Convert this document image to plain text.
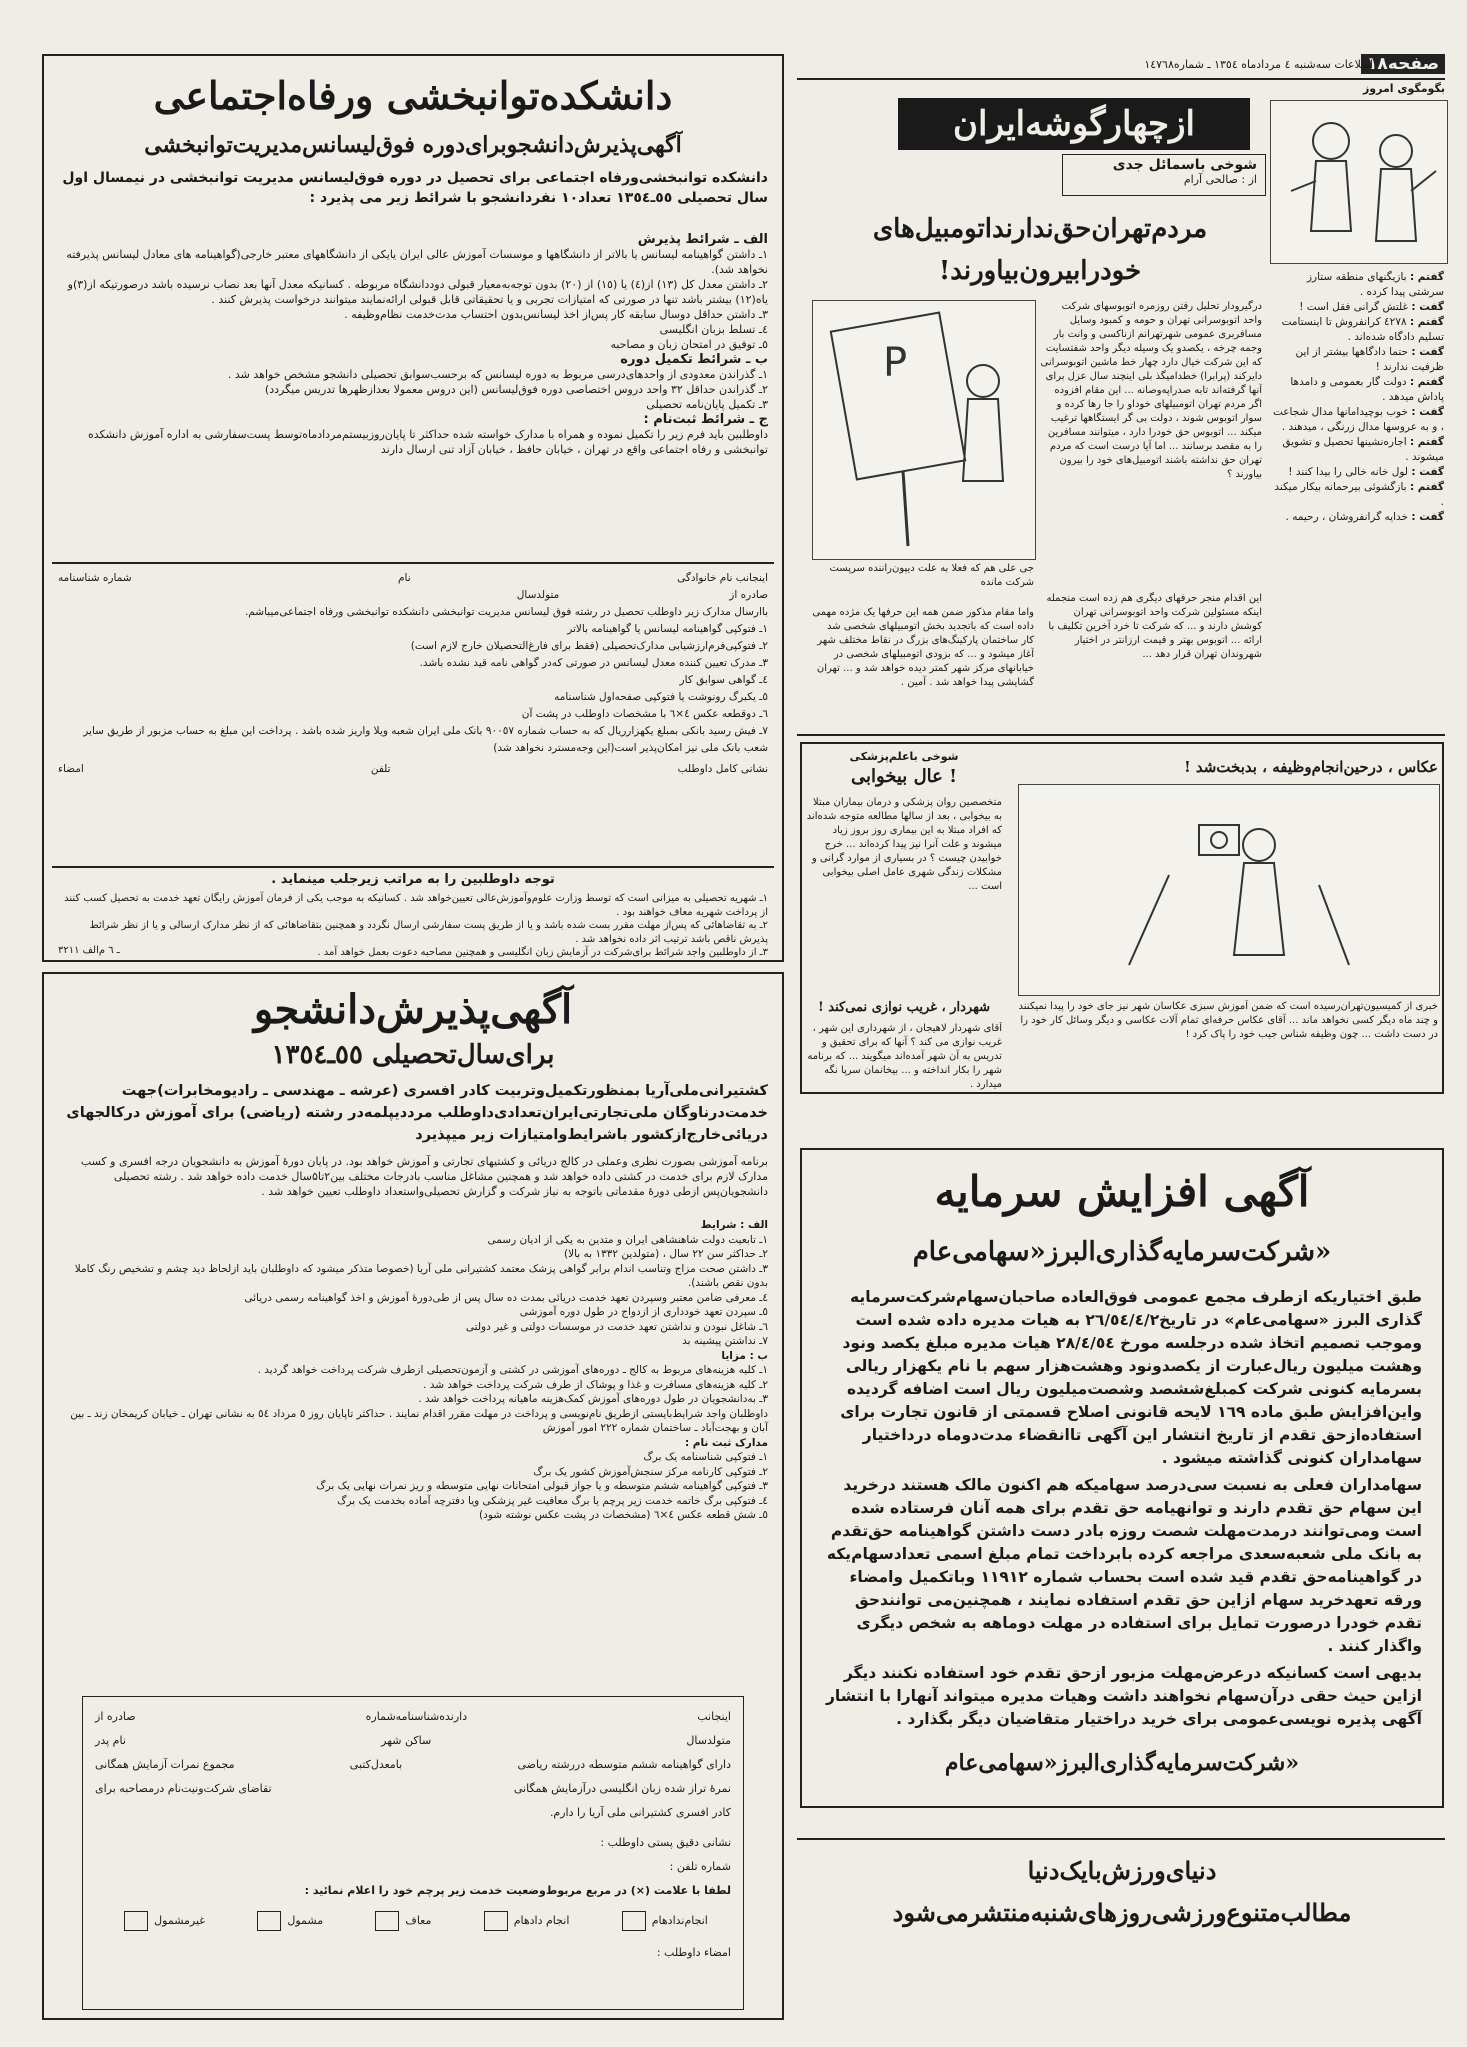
صفحه۱۸
اطلاعات سه‌شنبه ٤ مردادماه ۱۳٥٤ ـ شماره۱٤۷٦۸
بگومگوی امروز
گفتم : بازیگنهای منطقه ستارز سرشتی پیدا کرده .
گفت : غلتش گرانی فقل است !
گفتم : ٤٢٧٨ کرانفروش تا اینستامت تسلیم دادگاه شده‌اند .
گفت : حتما دادگاهها بیشتر از این ظرفیت ندارند !
گفتم : دولت گار بعمومی و دامدها پاداش میدهد .
گفت : خوب بوچیدامانها مدال شجاعت ، و به عروسها مدال زرنگی ، میدهند .
گفتم : اجاره‌نشینها تحصیل و تشویق میشوند .
گفت : لول خانه خالی را بیدا کنند !
گفتم : بازگشوئی بیرحمانه بیکار میکند .
گفت : خدایه گرانفروشان ، رحیمه .
ازچهارگوشه‌ایران
شوخی باسمائل جدی
از : صالحی آرام
مردم‌تهران‌حق‌ندارندا‌تومبیل‌های خودرا‌بیرون‌بیاورند!
P
جی علی هم که فعلا به علت دیپون‌راننده سرپست شرکت مانده
درگیرودار تحلیل رفتن روزمره اتوبوسهای شرکت واحد اتوبوسرانی تهران و حومه و کمبود وسایل مسافربری عمومی شهرتهرانم ازناکسی و وانت بار وجمه چرخه ، یکصدو یک وسیله دیگر واحد شفتسایت که این شرکت خیال دارد چهار خط ماشین اتوبوسرانی دایرکند (پرابرا) خطدامیگذ بلی اینچند سال عزل برای آنها گرفته‌اند تابه صدراپه‌وصانه ... این مقام افزوده اگر مردم تهران اتومبیلهای خوداو را جا رها کرده و سوار اتوبوس شوند ، دولت بی گر ایستگاهها ترغیب میکند ... اتوبوس حق خودرا دارد ، میتوانند مسافرین را به مقصد برسانند ... اما آیا درست است که مردم تهران حق نداشته باشند اتومبیل‌های خود را بیرون بیاورند ؟
این اقدام منجر حرفهای دیگری هم زده است منجمله اینکه مسئولین شرکت واحد اتوبوسرانی تهران کوشش دارند و ... که شرکت تا خرد آخرین تکلیف با ارائه ... اتوبوس بهتر و قیمت ارزانتر در اختیار شهروندان تهران قرار دهد ...
واما مقام مذکور ضمن همه این حرفها یک مژده مهمی داده است که باتجدید بخش اتومبیلهای شخصی شد کار ساختمان پارکینگ‌های بزرگ در نقاط مختلف شهر آغاز میشود و ... که بزودی اتومبیلهای شخصی در خیابانهای مرکز شهر کمتر دیده خواهد شد و ... تهران گشایشی پیدا خواهد شد . آمین .
شوخی باعلم‌پزشکی
عال بیخوابی !
متخصصین روان پزشکی و درمان بیماران مبتلا به بیخوابی ، بعد از سالها مطالعه متوجه شده‌اند که افراد مبتلا به این بیماری روز بروز زیاد میشوند و علت آنرا نیز پیدا کرده‌اند ... خرج خوابیدن چیست ؟ در بسیاری از موارد گرانی و مشکلات زندگی شهری عامل اصلی بیخوابی است ...
شهردار ، غریب نوازی نمی‌کند !
آقای شهردار لاهیجان ، از شهرداری این شهر ، غریب نوازی می کند ؟ آنها که برای تحقیق و تدریس به آن شهر آمده‌اند میگویند ... که برنامه شهر را بکار انداخته و ... بیخانمان سرپا نگه میدارد .
عکاس ، درحین‌انجام‌وظیفه ، بدبخت‌شد !
خبری از کمیسیون‌تهران‌رسیده است که ضمن آموزش سبزی عکاسان شهر نیز جای خود را پیدا نمیکنند و چند ماه دیگر کسی نخواهد ماند ... آقای عکاس حرفه‌ای تمام آلات عکاسی و دیگر وسائل کار خود را در دست داشت ... چون وظیفه شناس جیب خود را پاک کرد !
آگهی افزایش سرمایه
شرکت‌سرمایه‌گذاری‌البرز«سهامی‌عام»

طبق اختیاریکه ازطرف مجمع عمومی فوق‌العاده صاحبان‌سهام‌شرکت‌سرمایه گذاری البرز «سهامی‌عام» در تاریخ۲٦/٥٤/٤/۲ به هیات مدیره داده شده است وموجب تصمیم اتخاذ شده درجلسه مورخ ۲۸/٤/٥٤ هیات مدیره مبلغ یکصد ونود وهشت میلیون ریال‌عبارت از یکصدونود وهشت‌هزار سهم با نام یکهزار ریالی بسرمایه کنونی شرکت کمبلغ‌ششصد وشصت‌میلیون ریال است اضافه گردیده واین‌افزایش طبق ماده ۱٦۹ لایحه قانونی اصلاح قسمتی از قانون تجارت برای استفاده‌ازحق تقدم از تاریخ انتشار این آگهی تاانقضاء مدت‌دوماه درداختیار سهامداران کنونی گذاشته میشود .

سهامداران فعلی به نسبت سی‌درصد سهامیکه هم اکنون مالک هستند درخرید این سهام حق تقدم دارند و توانهیامه حق تقدم برای همه آنان فرستاده شده است ومی‌توانند درمدت‌مهلت شصت روزه بادر دست داشتن گواهینامه حق‌تقدم به بانک ملی شعبه‌سعدی مراجعه کرده بابرداخت تمام مبلغ اسمی تعدادسهام‌یکه در گواهینامه‌حق تقدم قید شده است بحساب شماره ۱۱۹۱۲ وباتکمیل وامضاء ورقه تعهدخرید سهام ازاین حق تقدم استفاده نمایند ، همچنین‌می توانندحق تقدم خودرا درصورت تمایل برای استفاده در مهلت دوماهه به شخص دیگری واگذار کنند .

بدیهی است کسانیکه درعرض‌مهلت مزبور ازحق تقدم خود استفاده نکنند دیگر ازاین حیث حقی درآن‌سهام نخواهند داشت وهیات مدیره میتواند آنهارا با انتشار آگهی پذیره نویسی‌عمومی برای خرید دراختیار متقاضیان دیگر بگذارد .

شرکت‌سرمایه‌گذاری‌البرز«سهامی‌عام»
دنیای‌ورزش‌بایک‌دنیا
مطالب‌متنوع‌ورزشی‌روزهای‌شنبه‌منتشرمی‌شود
دانشکده‌توانبخشی ورفاه‌اجتماعی
آگهی‌پذیرش‌دانشجوبرای‌دوره فوق‌لیسانس‌مدیریت‌توانبخشی
دانشکده توانبخشی‌ورفاه اجتماعی برای تحصیل در دوره فوق‌لیسانس مدیریت توانبخشی در نیمسال اول سال تحصیلی ٥٥ـ۱۳٥٤ تعداد۱۰ نفردانشجو با شرائط زیر می پذیرد :
الف ـ شرائط پذیرش
۱ـ داشتن گواهینامه لیسانس یا بالاتر از دانشگاهها و موسسات آموزش عالی ایران یایکی از دانشگاههای معتبر خارجی(گواهینامه های معادل لیسانس پذیرفته نخواهد شد).
۲ـ داشتن معدل کل (۱۳) از(٤) یا (۱٥) از (۲۰) بدون توجه‌به‌معیار قبولی دوددانشگاه مربوطه . کسانیکه معدل آنها بعد نصاب نرسیده باشد درصورتیکه از(۳)و یاه(۱۲) بیشتر باشد تنها در صورتی که امتیازات تجربی و یا تحقیقاتی قابل قبولی ارائه‌نمایند میتوانند درخواست پذیرش کنند .
۳ـ داشتن حداقل دوسال سابقه کار پس‌از اخذ لیسانس‌بدون احتساب مدت‌خدمت نظام‌وظیفه .
٤ـ تسلط بزبان انگلیسی
٥ـ توفیق در امتحان زبان و مصاحبه
ب ـ شرائط تکمیل دوره
۱ـ گذراندن معدودی از واحدهای‌درسی مربوط به دوره لیسانس که برحسب‌سوابق تحصیلی دانشجو مشخص خواهد شد .
۲ـ گذراندن حداقل ۳۲ واحد دروس اختصاصی دوره فوق‌لیسانس (این دروس معمولا بعدازظهرها تدریس میگردد)
۳ـ تکمیل پایان‌نامه تحصیلی
ج ـ شرائط ثبت‌نام :
داوطلبین باید فرم زیر را تکمیل نموده و همراه با مدارک خواسته شده حداکثر تا پایان‌روزبیستم‌مردادماه‌توسط پست‌سفارشی به اداره آموزش دانشکده توانبخشی و رفاه اجتماعی واقع در تهران ، خیابان حافظ ، خیابان آزاد تنی ارسال دارند
اینجانب نام خانوادگی
نام
شماره شناسنامه
صادره از
متولدسال
باارسال مدارک زیر داوطلب تحصیل در رشته فوق لیسانس مدیریت توانبخشی دانشکده توانبخشی ورفاه اجتماعی‌میباشم.
۱ـ فتوکپی گواهینامه لیسانس یا گواهینامه بالاتر
۲ـ فتوکپی‌فرم‌ارزشیابی مدارک‌تحصیلی (فقط برای فارغ‌التحصیلان خارج لازم است)
۳ـ مدرک تعیین کننده معدل لیسانس در صورتی که‌در گواهی نامه قید نشده باشد.
٤ـ گواهی سوابق کار
٥ـ یکبرگ رونوشت یا فتوکپی صفحه‌اول شناسنامه
٦ـ دوقطعه عکس ٤×٦ با مشخصات داوطلب در پشت آن
۷ـ فیش رسید بانکی بمبلغ یکهزارریال که به حساب شماره ۹۰۰٥۷ بانک ملی ایران شعبه ویلا واریز شده باشد . پرداخت این مبلغ به حساب مزبور از طریق سایر شعب بانک ملی نیز امکان‌پذیر است(این وجه‌مسترد نخواهد شد)
نشانی کامل داوطلب
تلفن
امضاء
توجه داوطلبین را به مراتب زیرجلب مینماید .
۱ـ شهریه تحصیلی به میزانی است که توسط وزارت علوم‌وآموزش‌عالی تعیین‌خواهد شد . کسانیکه به موجب یکی از فرمان آموزش رایگان تعهد خدمت به تحصیل کسب کنند از پرداخت شهریه معاف خواهند بود .
۲ـ به تقاضاهائی که پس‌از مهلت مقرر بست شده باشد و یا از طریق پست سفارشی ارسال نگردد و همچنین بتقاضاهائی که از نظر مدارک ارسالی و یا از نظر شرائط پذیرش ناقص باشد ترتیب اثر داده نخواهد شد .
۳ـ از داوطلبین واجد شرائط برای‌شرکت در آزمایش زبان انگلیسی و همچنین مصاحبه دعوت بعمل خواهد آمد .
۳۲۱۱ ـ ٦ م‌الف
آگهی‌پذیرش‌دانشجو
برای‌سال‌تحصیلی ٥٥ـ۱۳٥٤
کشتیرانی‌ملی‌آریا بمنظورتکمیل‌وتربیت کادر افسری (عرشه ـ مهندسی ـ رادیو‌مخابرات)جهت خدمت‌در‌ناوگان ملی‌تجارتی‌ایران‌تعدادی‌داوطلب مرددیپلمه‌در رشته (ریاضی) برای آموزش در‌کالجهای دریائی‌خارج‌ازکشور باشرایط‌وامتیازات زیر میپذیرد
برنامه آموزشی بصورت نظری وعملی در کالج دریائی و کشتیهای تجارتی و آموزش خواهد بود. در پایان دورهٔ آموزش به دانشجویان درجه افسری و کسب مدارک لازم برای خدمت در کشتی داده خواهد شد و همچنین مشاغل مناسب بادرجات مختلف بین۲تا۵سال خدمت داده خواهد شد . رشته تحصیلی دانشجویان‌پس ازطی دورهٔ مقدماتی باتوجه به نیاز شرکت و گزارش تحصیلی‌واستعداد داوطلب تعیین خواهد شد .
الف : شرایط
۱ـ تابعیت دولت شاهنشاهی ایران و متدین به یکی از ادیان رسمی
۲ـ حداکثر سن ۲۲ سال ، (متولدین ۱۳۳۲ به بالا)
۳ـ داشتن صحت مزاج وتناسب اندام برابر گواهی پزشک معتمد کشتیرانی ملی آریا (خصوصا متذکر میشود که داوطلبان باید ازلحاظ دید چشم و تشخیص رنگ کاملا بدون نقص باشند).
٤ـ معرفی ضامن معتبر وسپردن تعهد خدمت دریائی بمدت ده سال پس از طی‌دورهٔ آموزش و اخذ گواهینامه رسمی دریائی
٥ـ سپردن تعهد خودداری از ازدواج در طول دوره آموزشی
٦ـ شاغل نبودن و نداشتن تعهد خدمت در موسسات دولتی و غیر دولتی
۷ـ نداشتن پیشینه بد
ب : مزایا
۱ـ کلیه هزینه‌های مربوط به کالج ـ دوره‌های آموزشی در کشتی و آزمون‌تحصیلی ازطرف شرکت پرداخت خواهد گردید .
۲ـ کلیه هزینه‌های مسافرت و غذا و پوشاک از طرف شرکت پرداخت خواهد شد .
۳ـ به‌دانشجویان در طول دوره‌های آموزش کمک‌هزینه ماهیانه پرداخت خواهد شد .
داوطلبان واجد شرایط‌بایستی ازطریق نام‌نویسی و پرداخت در مهلت مقرر اقدام نمایند . حداکثر تاپایان روز ٥ مرداد ٥٤ به نشانی تهران ـ خیابان کریمخان زند ـ بین آبان و بهجت‌آباد ـ ساختمان شماره ۲۲۲ امور آموزش
مدارک ثبت نام :
۱ـ فتوکپی شناسنامه یک برگ
۲ـ فتوکپی کارنامه مرکز سنجش‌آموزش کشور یک برگ
۳ـ فتوکپی گواهینامه ششم متوسطه و یا جواز قبولی امتحانات نهایی متوسطه و ریز نمرات نهایی یک برگ
٤ـ فتوکپی برگ خاتمه خدمت زیر پرچم یا برگ معافیت غیر پزشکی ویا دفترچه آماده بخدمت یک برگ
٥ـ شش قطعه عکس ٤×٦ (مشخصات در پشت عکس نوشته شود)
اینجانب
دارنده‌شناسنامه‌شماره
صادره از
متولدسال
ساکن شهر
نام پدر
دارای گواهینامه ششم متوسطه دررشته ریاضی
بامعدل‌کتبی
مجموع نمرات آزمایش همگانی
نمرهٔ تراز شده زبان انگلیسی درآزمایش همگانی
تقاضای شرکت‌ونیت‌نام درمصاحبه برای
کادر افسری کشتیرانی ملی آریا را دارم.
نشانی دقیق پستی داوطلب :
شماره تلفن :
لطفا با علامت (×) در مربع مربوط‌وضعیت خدمت زیر پرچم خود را اعلام نمائید :
انجام‌ندادهام
انجام دادهام
معاف
مشمول
غیرمشمول
امضاء داوطلب :
